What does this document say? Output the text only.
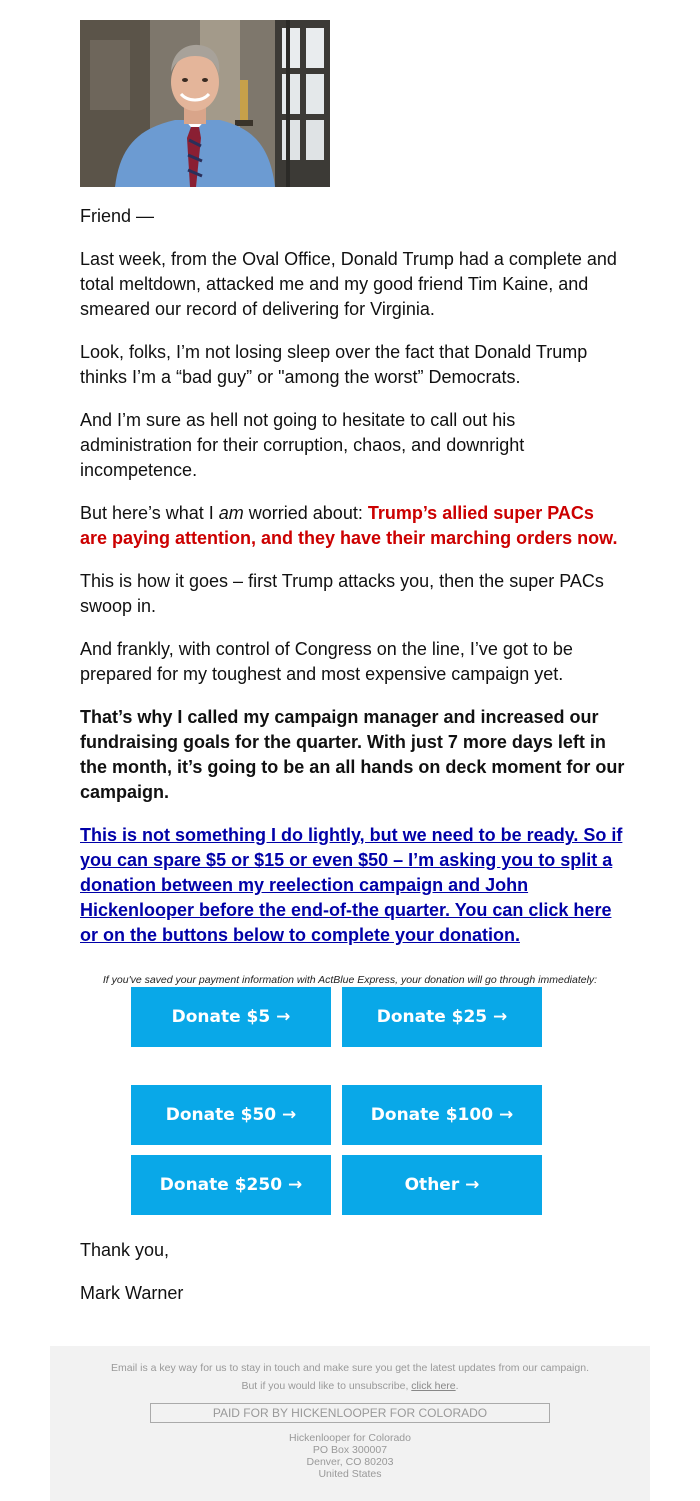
Friend —

Last week, from the Oval Office, Donald Trump had a complete and total meltdown, attacked me and my good friend Tim Kaine, and smeared our record of delivering for Virginia.

Look, folks, I’m not losing sleep over the fact that Donald Trump thinks I’m a “bad guy” or "among the worst” Democrats.

And I’m sure as hell not going to hesitate to call out his administration for their corruption, chaos, and downright incompetence.

But here’s what I am worried about: Trump’s allied super PACs are paying attention, and they have their marching orders now.

This is how it goes – first Trump attacks you, then the super PACs swoop in.

And frankly, with control of Congress on the line, I’ve got to be prepared for my toughest and most expensive campaign yet.

That’s why I called my campaign manager and increased our fundraising goals for the quarter. With just 7 more days left in the month, it’s going to be an all hands on deck moment for our campaign.

This is not something I do lightly, but we need to be ready. So if you can spare $5 or $15 or even $50 – I’m asking you to split a donation between my reelection campaign and John Hickenlooper before the end-of-the quarter. You can click here or on the buttons below to complete your donation.

If you've saved your payment information with ActBlue Express, your donation will go through immediately:

Donate $5 →	Donate $25 →
Donate $50 →	Donate $100 →
Donate $250 →	Other →
Thank you,
Mark Warner
Email is a key way for us to stay in touch and make sure you get the latest updates from our campaign.
But if you would like to unsubscribe, click here.
PAID FOR BY HICKENLOOPER FOR COLORADO
Hickenlooper for Colorado
PO Box 300007
Denver, CO 80203
United States
